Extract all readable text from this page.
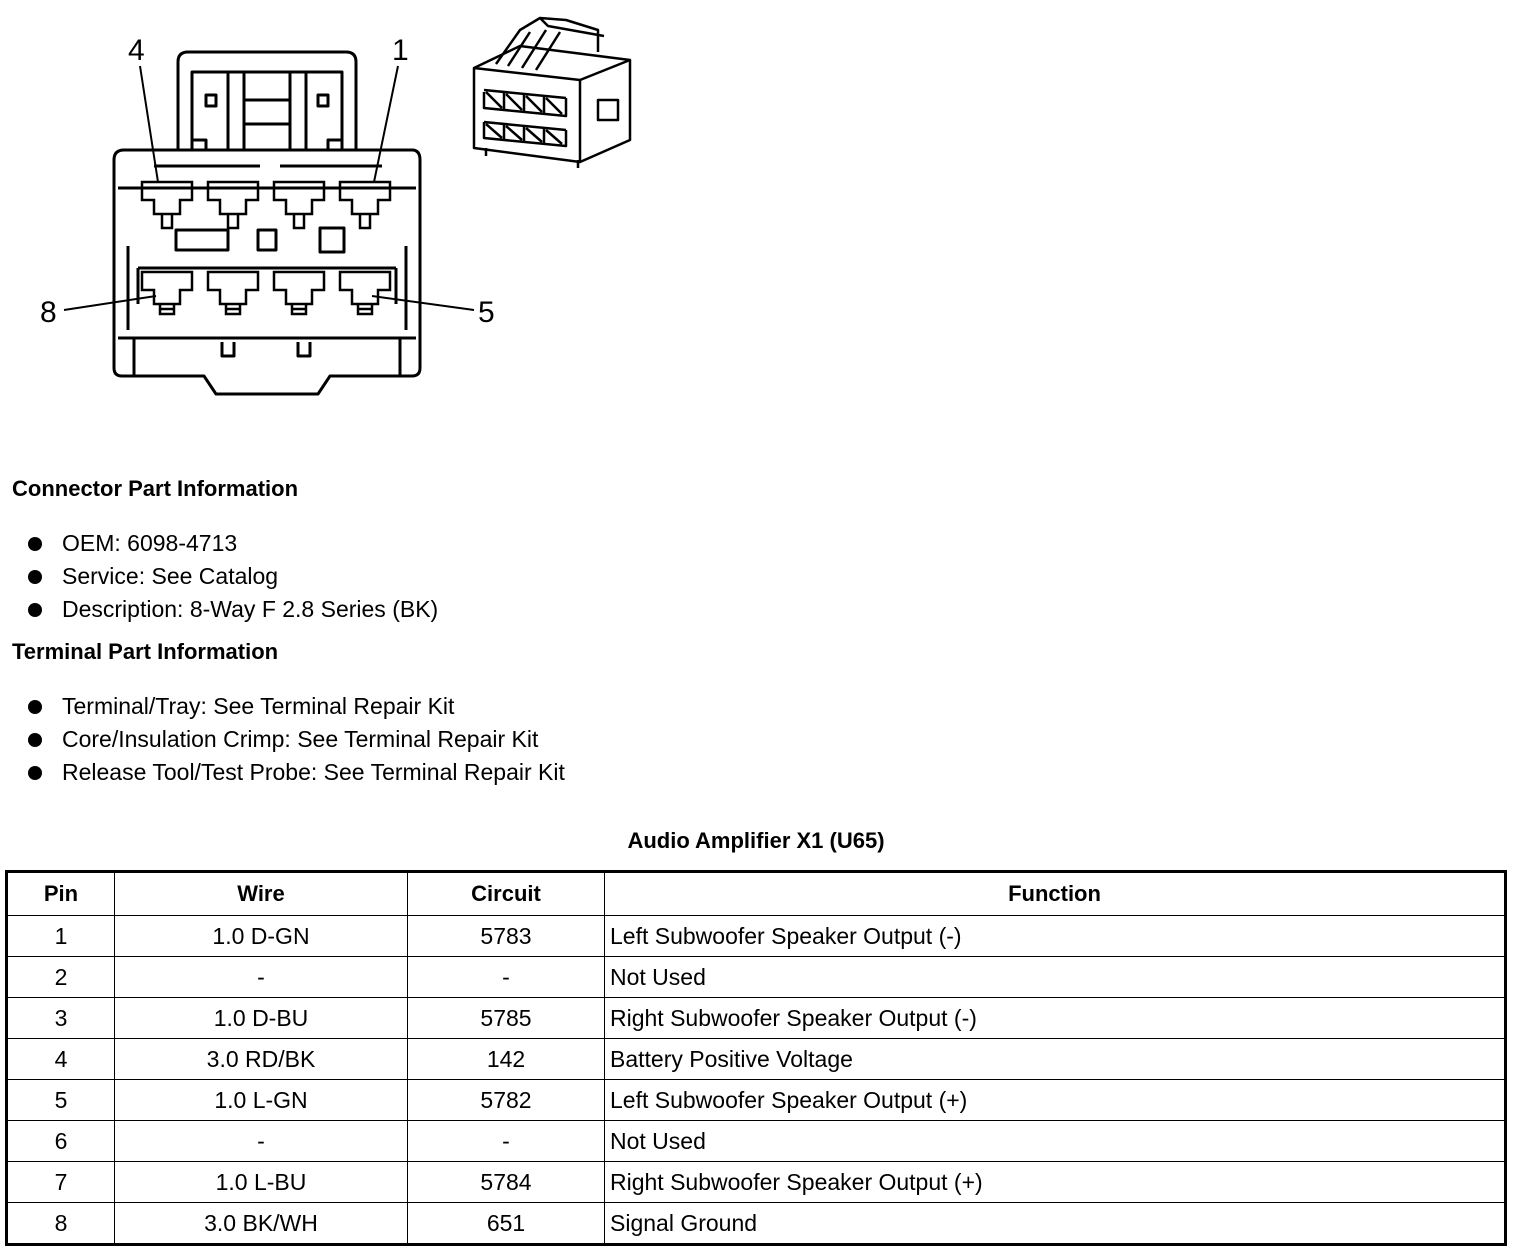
4	1
8	5
Connector Part Information
OEM: 6098-4713
Service: See Catalog
Description: 8-Way F 2.8 Series (BK)
Terminal Part Information
Terminal/Tray: See Terminal Repair Kit
Core/Insulation Crimp: See Terminal Repair Kit
Release Tool/Test Probe: See Terminal Repair Kit
Audio Amplifier X1 (U65)
Pin	Wire	Circuit	Function
1	1.0 D-GN	5783	Left Subwoofer Speaker Output (-)
2	-	-	Not Used
3	1.0 D-BU	5785	Right Subwoofer Speaker Output (-)
4	3.0 RD/BK	142	Battery Positive Voltage
5	1.0 L-GN	5782	Left Subwoofer Speaker Output (+)
6	-	-	Not Used
7	1.0 L-BU	5784	Right Subwoofer Speaker Output (+)
8	3.0 BK/WH	651	Signal Ground
